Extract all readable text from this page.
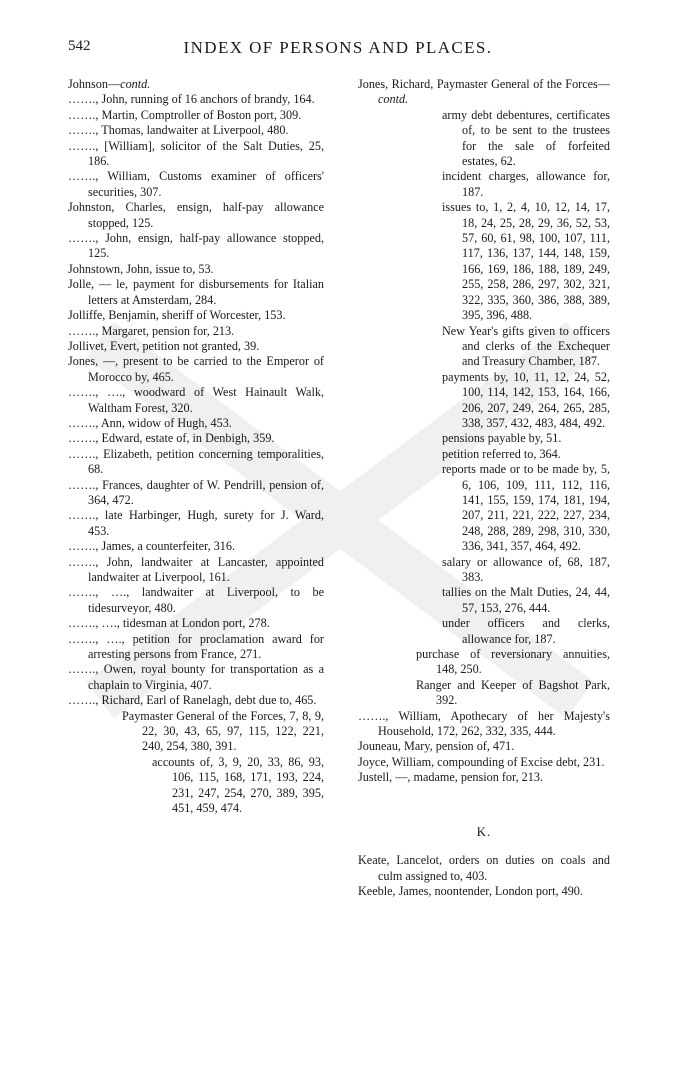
542	INDEX OF PERSONS AND PLACES.
Johnson—contd.
……., John, running of 16 anchors of brandy, 164.
……., Martin, Comptroller of Boston port, 309.
……., Thomas, landwaiter at Liverpool, 480.
……., [William], solicitor of the Salt Duties, 25, 186.
……., William, Customs examiner of officers' securities, 307.
Johnston, Charles, ensign, half-pay allowance stopped, 125.
……., John, ensign, half-pay allowance stopped, 125.
Johnstown, John, issue to, 53.
Jolle, — le, payment for disbursements for Italian letters at Amsterdam, 284.
Jolliffe, Benjamin, sheriff of Worcester, 153.
……., Margaret, pension for, 213.
Jollivet, Evert, petition not granted, 39.
Jones, —, present to be carried to the Emperor of Morocco by, 465.
……., …., woodward of West Hainault Walk, Waltham Forest, 320.
……., Ann, widow of Hugh, 453.
……., Edward, estate of, in Denbigh, 359.
……., Elizabeth, petition concerning temporalities, 68.
……., Frances, daughter of W. Pendrill, pension of, 364, 472.
……., late Harbinger, Hugh, surety for J. Ward, 453.
……., James, a counterfeiter, 316.
……., John, landwaiter at Lancaster, appointed landwaiter at Liverpool, 161.
……., …., landwaiter at Liverpool, to be tidesurveyor, 480.
……., …., tidesman at London port, 278.
……., …., petition for proclamation award for arresting persons from France, 271.
……., Owen, royal bounty for transportation as a chaplain to Virginia, 407.
……., Richard, Earl of Ranelagh, debt due to, 465.
Paymaster General of the Forces, 7, 8, 9, 22, 30, 43, 65, 97, 115, 122, 221, 240, 254, 380, 391.
accounts of, 3, 9, 20, 33, 86, 93, 106, 115, 168, 171, 193, 224, 231, 247, 254, 270, 389, 395, 451, 459, 474.
Jones, Richard, Paymaster General of the Forces—contd.
army debt debentures, certificates of, to be sent to the trustees for the sale of forfeited estates, 62.
incident charges, allowance for, 187.
issues to, 1, 2, 4, 10, 12, 14, 17, 18, 24, 25, 28, 29, 36, 52, 53, 57, 60, 61, 98, 100, 107, 111, 117, 136, 137, 144, 148, 159, 166, 169, 186, 188, 189, 249, 255, 258, 286, 297, 302, 321, 322, 335, 360, 386, 388, 389, 395, 396, 488.
New Year's gifts given to officers and clerks of the Exchequer and Treasury Chamber, 187.
payments by, 10, 11, 12, 24, 52, 100, 114, 142, 153, 164, 166, 206, 207, 249, 264, 265, 285, 338, 357, 432, 483, 484, 492.
pensions payable by, 51.
petition referred to, 364.
reports made or to be made by, 5, 6, 106, 109, 111, 112, 116, 141, 155, 159, 174, 181, 194, 207, 211, 221, 222, 227, 234, 248, 288, 289, 298, 310, 330, 336, 341, 357, 464, 492.
salary or allowance of, 68, 187, 383.
tallies on the Malt Duties, 24, 44, 57, 153, 276, 444.
under officers and clerks, allowance for, 187.
purchase of reversionary annuities, 148, 250.
Ranger and Keeper of Bagshot Park, 392.
……., William, Apothecary of her Majesty's Household, 172, 262, 332, 335, 444.
Jouneau, Mary, pension of, 471.
Joyce, William, compounding of Excise debt, 231.
Justell, —, madame, pension for, 213.
K.
Keate, Lancelot, orders on duties on coals and culm assigned to, 403.
Keeble, James, noontender, London port, 490.
